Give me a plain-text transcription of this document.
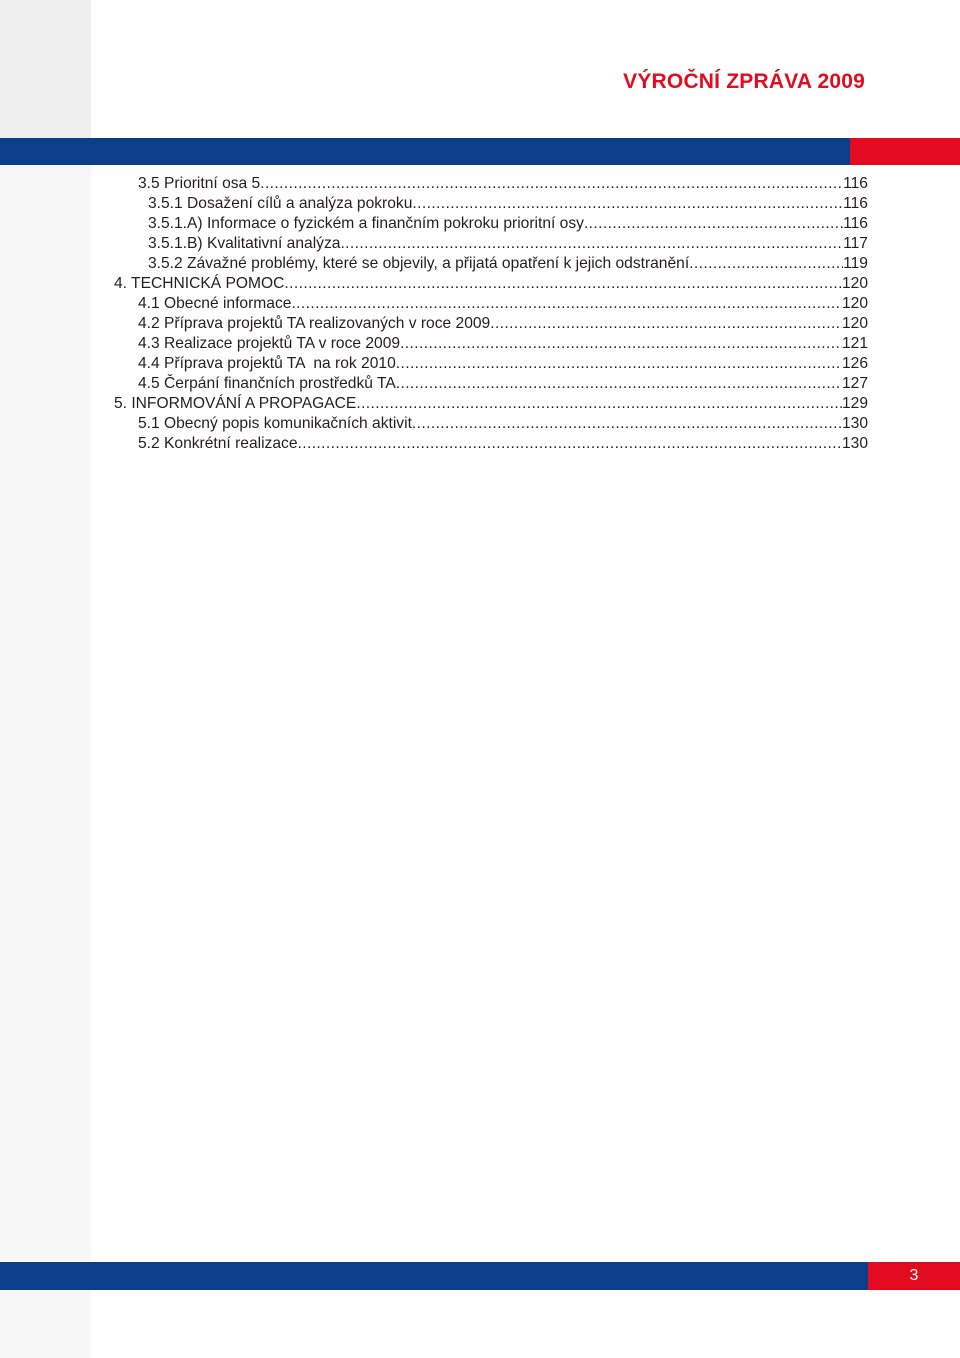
VÝROČNÍ ZPRÁVA 2009
3.5 Prioritní osa 5 .....	116
3.5.1 Dosažení cílů a analýza pokroku .....	116
3.5.1.A) Informace o fyzickém a finančním pokroku prioritní osy .....	116
3.5.1.B) Kvalitativní analýza .....	117
3.5.2 Závažné problémy, které se objevily, a přijatá opatření k jejich odstranění .....	119
4. TECHNICKÁ POMOC .....	120
4.1 Obecné informace .....	120
4.2 Příprava projektů TA realizovaných v roce 2009 .....	120
4.3 Realizace projektů TA v roce 2009 .....	121
4.4 Příprava projektů TA  na rok 2010 .....	126
4.5 Čerpání finančních prostředků TA .....	127
5. INFORMOVÁNÍ A PROPAGACE .....	129
5.1 Obecný popis komunikačních aktivit .....	130
5.2 Konkrétní realizace .....	130
3
